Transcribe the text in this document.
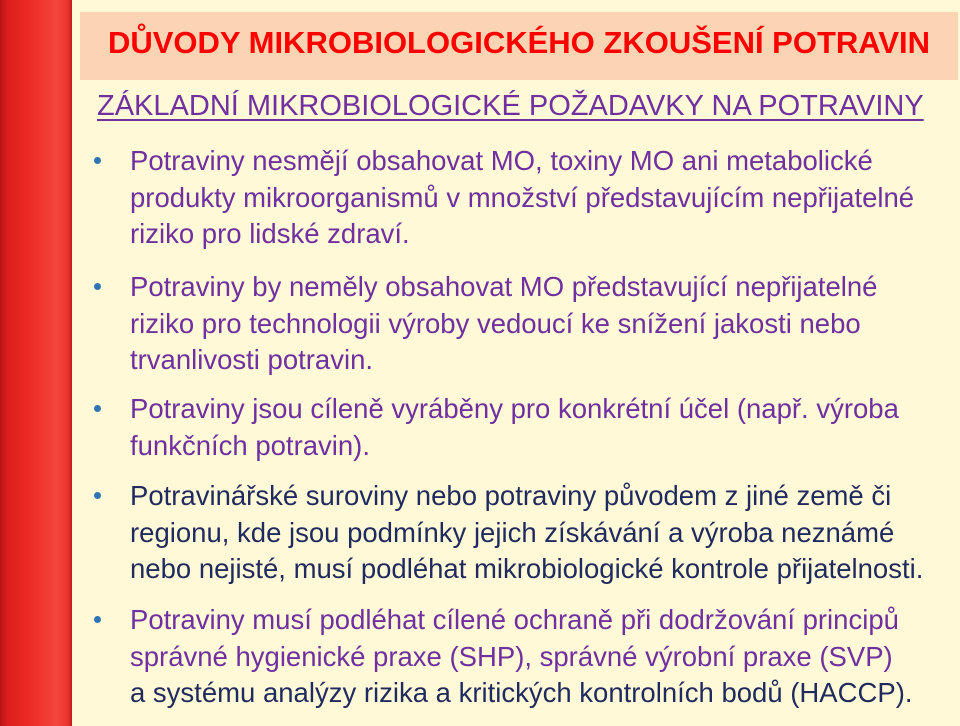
DŮVODY MIKROBIOLOGICKÉHO ZKOUŠENÍ POTRAVIN
ZÁKLADNÍ MIKROBIOLOGICKÉ POŽADAVKY NA POTRAVINY
Potraviny nesmějí obsahovat MO, toxiny MO ani metabolické
produkty mikroorganismů v množství představujícím nepřijatelné
riziko pro lidské zdraví.
Potraviny by neměly obsahovat MO představující nepřijatelné
riziko pro technologii výroby vedoucí ke snížení jakosti nebo
trvanlivosti potravin.
Potraviny jsou cíleně vyráběny pro konkrétní účel (např. výroba
funkčních potravin).
Potravinářské suroviny nebo potraviny původem z jiné země či
regionu, kde jsou podmínky jejich získávání a výroba neznámé
nebo nejisté, musí podléhat mikrobiologické kontrole přijatelnosti.
Potraviny musí podléhat cílené ochraně při dodržování principů
správné hygienické praxe (SHP), správné výrobní praxe (SVP)
a systému analýzy rizika a kritických kontrolních bodů (HACCP).
